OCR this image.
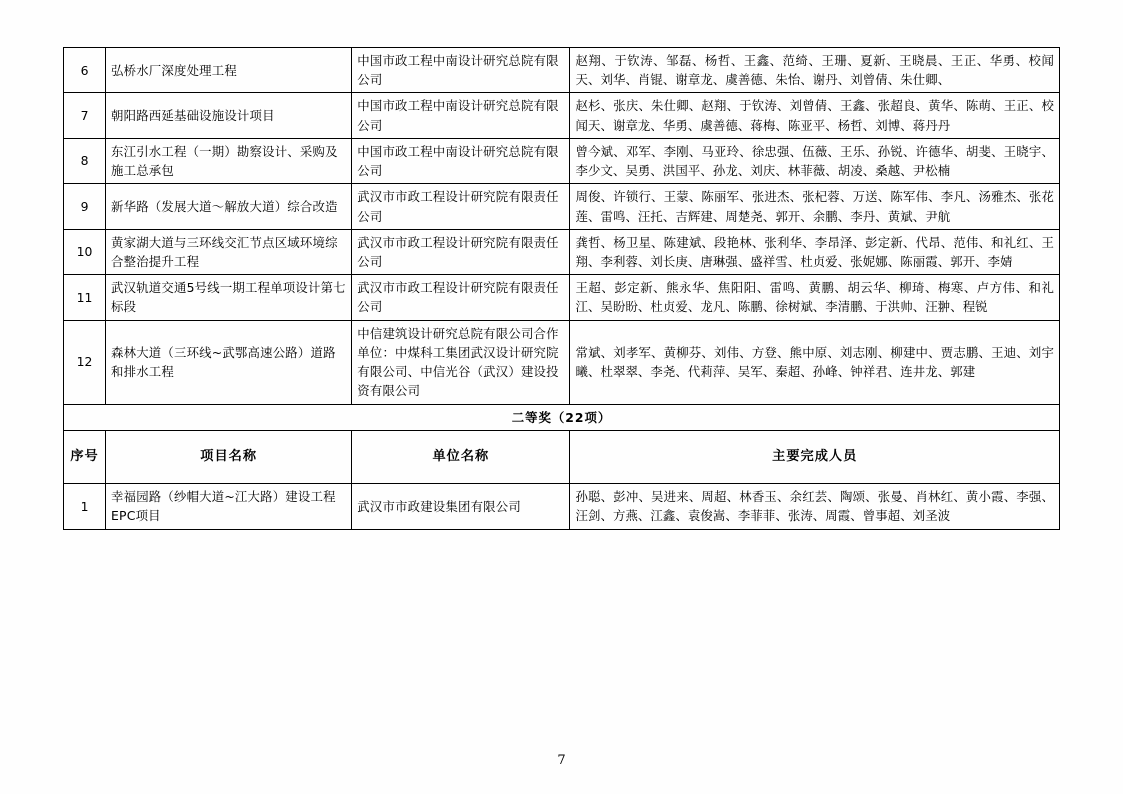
6	弘桥水厂深度处理工程	中国市政工程中南设计研究总院有限公司	赵翔、于钦涛、邹磊、杨哲、王鑫、范绮、王珊、夏新、王晓晨、王正、华勇、校闻天、刘华、肖锟、谢章龙、虞善德、朱怡、谢丹、刘曾倩、朱仕卿、
7	朝阳路西延基础设施设计项目	中国市政工程中南设计研究总院有限公司	赵杉、张庆、朱仕卿、赵翔、于钦涛、刘曾倩、王鑫、张超良、黄华、陈萌、王正、校闻天、谢章龙、华勇、虞善德、蒋梅、陈亚平、杨哲、刘博、蒋丹丹
8	东江引水工程（一期）勘察设计、采购及施工总承包	中国市政工程中南设计研究总院有限公司	曾今斌、邓军、李刚、马亚玲、徐忠强、伍薇、王乐、孙锐、许德华、胡斐、王晓宇、李少文、吴勇、洪国平、孙龙、刘庆、林菲薇、胡凌、桑越、尹松楠
9	新华路（发展大道～解放大道）综合改造	武汉市市政工程设计研究院有限责任公司	周俊、许锁行、王蒙、陈丽军、张进杰、张杞蓉、万送、陈军伟、李凡、汤雅杰、张花莲、雷鸣、汪托、吉辉建、周楚尧、郭开、余鹏、李丹、黄斌、尹航
10	黄家湖大道与三环线交汇节点区域环境综合整治提升工程	武汉市市政工程设计研究院有限责任公司	龚哲、杨卫星、陈建斌、段艳林、张利华、李昂泽、彭定新、代昂、范伟、和礼红、王翔、李利蓉、刘长庚、唐琳强、盛祥雪、杜贞爱、张妮娜、陈丽霞、郭开、李婧
11	武汉轨道交通5号线一期工程单项设计第七标段	武汉市市政工程设计研究院有限责任公司	王超、彭定新、熊永华、焦阳阳、雷鸣、黄鹏、胡云华、柳琦、梅寒、卢方伟、和礼江、吴盼盼、杜贞爱、龙凡、陈鹏、徐树斌、李清鹏、于洪帅、汪翀、程锐
12	森林大道（三环线~武鄂高速公路）道路和排水工程	中信建筑设计研究总院有限公司合作单位：中煤科工集团武汉设计研究院有限公司、中信光谷（武汉）建设投资有限公司	常斌、刘孝军、黄柳芬、刘伟、方登、熊中原、刘志刚、柳建中、贾志鹏、王迪、刘宇曦、杜翠翠、李尧、代莉萍、吴军、秦超、孙峰、钟祥君、连井龙、郭建
二等奖（22项）			
序号	项目名称	单位名称	主要完成人员
1	幸福园路（纱帽大道~江大路）建设工程EPC项目	武汉市市政建设集团有限公司	孙聪、彭冲、吴进来、周超、林香玉、余红芸、陶颂、张曼、肖林红、黄小霞、李强、汪剑、方燕、江鑫、袁俊嵩、李菲菲、张涛、周霞、曾事超、刘圣波
7
